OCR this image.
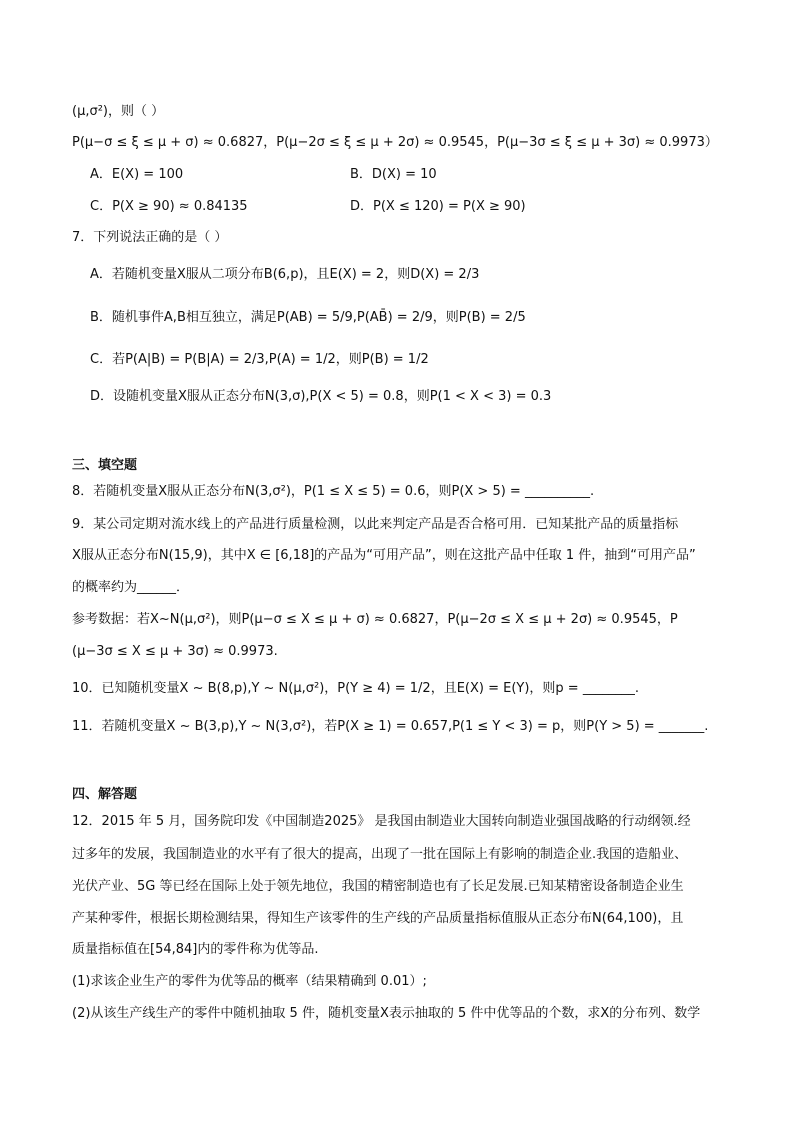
(μ,σ²)，则（ ）
P(μ−σ ≤ ξ ≤ μ + σ) ≈ 0.6827，P(μ−2σ ≤ ξ ≤ μ + 2σ) ≈ 0.9545，P(μ−3σ ≤ ξ ≤ μ + 3σ) ≈ 0.9973）
A．E(X) = 100	B．D(X) = 10
C．P(X ≥ 90) ≈ 0.84135	D．P(X ≤ 120) = P(X ≥ 90)
7．下列说法正确的是（ ）
A．若随机变量X服从二项分布B(6,p)，且E(X) = 2，则D(X) = 2/3
B．随机事件A,B相互独立，满足P(AB) = 5/9,P(AB̄) = 2/9，则P(B) = 2/5
C．若P(A|B) = P(B|A) = 2/3,P(A) = 1/2，则P(B) = 1/2
D．设随机变量X服从正态分布N(3,σ),P(X < 5) = 0.8，则P(1 < X < 3) = 0.3
三、填空题
8．若随机变量X服从正态分布N(3,σ²)，P(1 ≤ X ≤ 5) = 0.6，则P(X > 5) = __________.
9．某公司定期对流水线上的产品进行质量检测，以此来判定产品是否合格可用．已知某批产品的质量指标
X服从正态分布N(15,9)，其中X ∈ [6,18]的产品为“可用产品”，则在这批产品中任取 1 件，抽到“可用产品”
的概率约为______．
参考数据：若X~N(μ,σ²)，则P(μ−σ ≤ X ≤ μ + σ) ≈ 0.6827，P(μ−2σ ≤ X ≤ μ + 2σ) ≈ 0.9545，P
(μ−3σ ≤ X ≤ μ + 3σ) ≈ 0.9973.
10．已知随机变量X ~ B(8,p),Y ~ N(μ,σ²)，P(Y ≥ 4) = 1/2，且E(X) = E(Y)，则p = ________.
11．若随机变量X ~ B(3,p),Y ~ N(3,σ²)，若P(X ≥ 1) = 0.657,P(1 ≤ Y < 3) = p，则P(Y > 5) = _______.
四、解答题
12．2015 年 5 月，国务院印发《中国制造2025》 是我国由制造业大国转向制造业强国战略的行动纲领.经
过多年的发展，我国制造业的水平有了很大的提高，出现了一批在国际上有影响的制造企业.我国的造船业、
光伏产业、5G 等已经在国际上处于领先地位，我国的精密制造也有了长足发展.已知某精密设备制造企业生
产某种零件，根据长期检测结果，得知生产该零件的生产线的产品质量指标值服从正态分布N(64,100)，且
质量指标值在[54,84]内的零件称为优等品.
(1)求该企业生产的零件为优等品的概率（结果精确到 0.01）;
(2)从该生产线生产的零件中随机抽取 5 件，随机变量X表示抽取的 5 件中优等品的个数，求X的分布列、数学
